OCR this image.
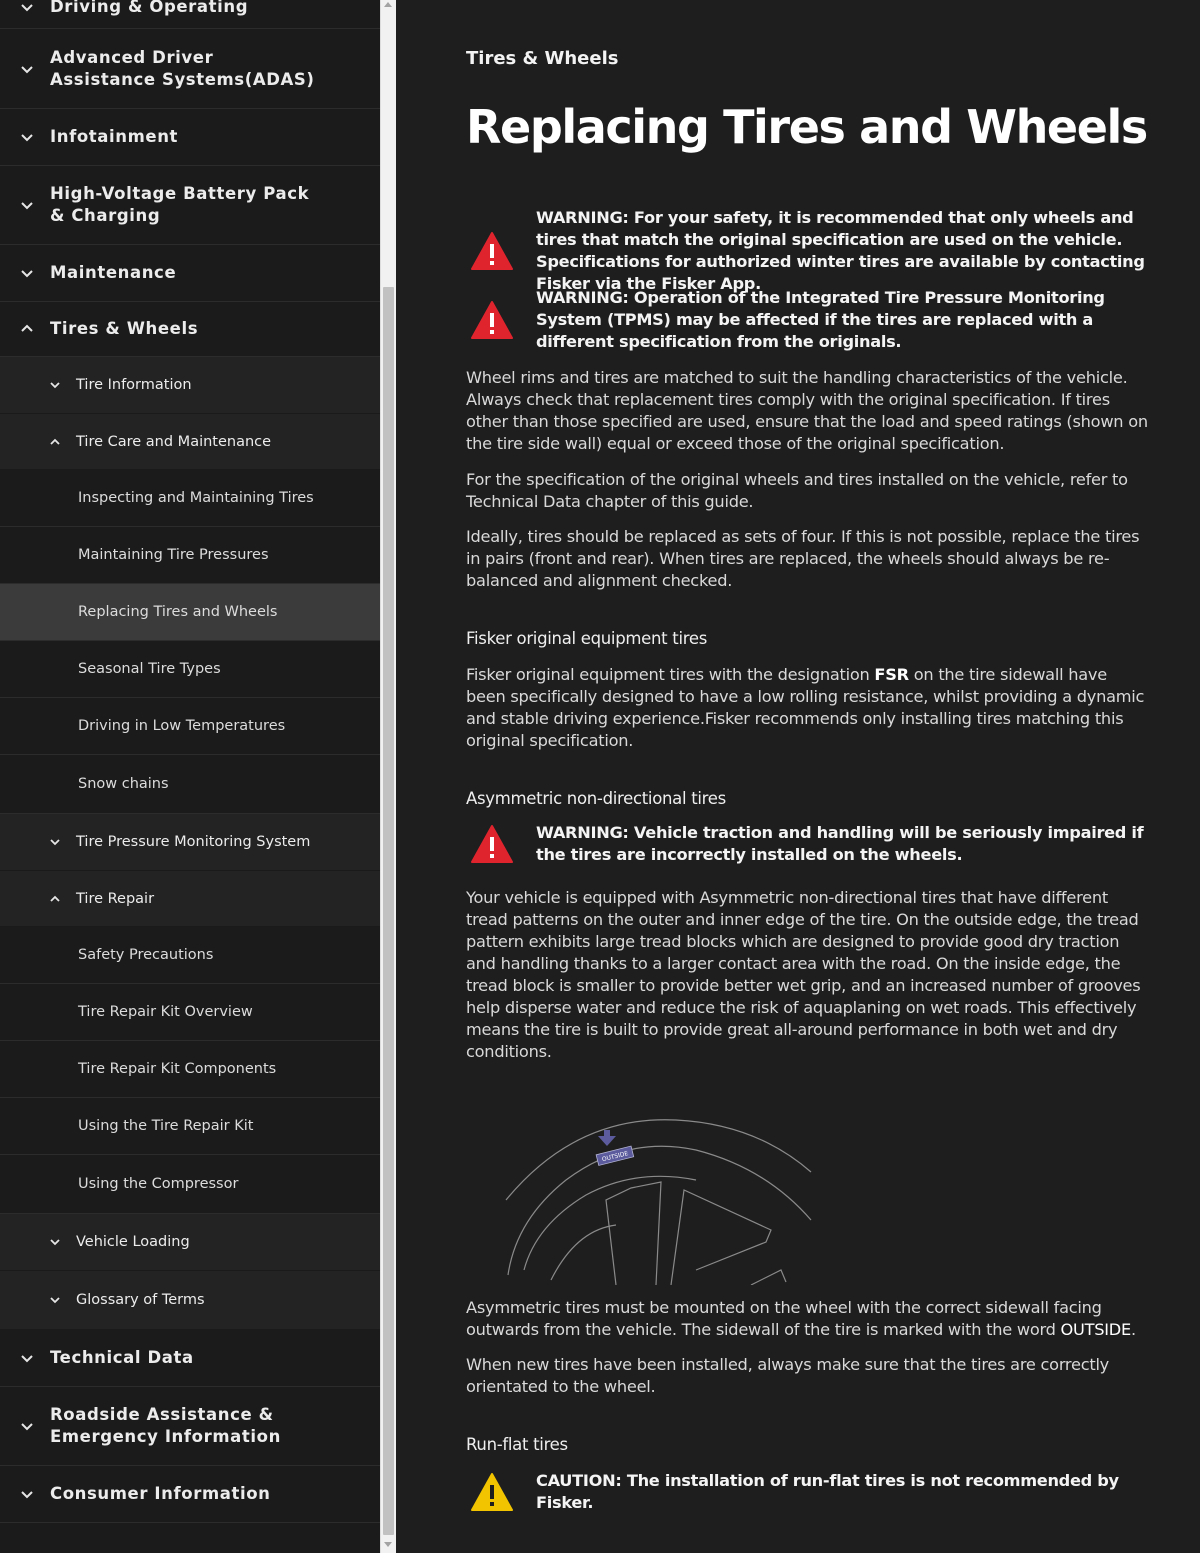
Driving & Operating
Advanced Driver Assistance Systems(ADAS)
Infotainment
High-Voltage Battery Pack & Charging
Maintenance
Tires & Wheels
Tire Information
Tire Care and Maintenance
Inspecting and Maintaining Tires
Maintaining Tire Pressures
Replacing Tires and Wheels
Seasonal Tire Types
Driving in Low Temperatures
Snow chains
Tire Pressure Monitoring System
Tire Repair
Safety Precautions
Tire Repair Kit Overview
Tire Repair Kit Components
Using the Tire Repair Kit
Using the Compressor
Vehicle Loading
Glossary of Terms
Technical Data
Roadside Assistance & Emergency Information
Consumer Information
Tires & Wheels
Replacing Tires and Wheels
WARNING: For your safety, it is recommended that only wheels and tires that match the original specification are used on the vehicle. Specifications for authorized winter tires are available by contacting Fisker via the Fisker App.
WARNING: Operation of the Integrated Tire Pressure Monitoring System (TPMS) may be affected if the tires are replaced with a different specification from the originals.
Wheel rims and tires are matched to suit the handling characteristics of the vehicle. Always check that replacement tires comply with the original specification. If tires other than those specified are used, ensure that the load and speed ratings (shown on the tire side wall) equal or exceed those of the original specification.
For the specification of the original wheels and tires installed on the vehicle, refer to Technical Data chapter of this guide.
Ideally, tires should be replaced as sets of four. If this is not possible, replace the tires in pairs (front and rear). When tires are replaced, the wheels should always be re-balanced and alignment checked.
Fisker original equipment tires
Fisker original equipment tires with the designation FSR on the tire sidewall have been specifically designed to have a low rolling resistance, whilst providing a dynamic and stable driving experience.Fisker recommends only installing tires matching this original specification.
Asymmetric non-directional tires
WARNING: Vehicle traction and handling will be seriously impaired if the tires are incorrectly installed on the wheels.
Your vehicle is equipped with Asymmetric non-directional tires that have different tread patterns on the outer and inner edge of the tire. On the outside edge, the tread pattern exhibits large tread blocks which are designed to provide good dry traction and handling thanks to a larger contact area with the road. On the inside edge, the tread block is smaller to provide better wet grip, and an increased number of grooves help disperse water and reduce the risk of aquaplaning on wet roads. This effectively means the tire is built to provide great all-around performance in both wet and dry conditions.
OUTSIDE
Asymmetric tires must be mounted on the wheel with the correct sidewall facing outwards from the vehicle. The sidewall of the tire is marked with the word OUTSIDE.
When new tires have been installed, always make sure that the tires are correctly orientated to the wheel.
Run-flat tires
CAUTION: The installation of run-flat tires is not recommended by Fisker.
